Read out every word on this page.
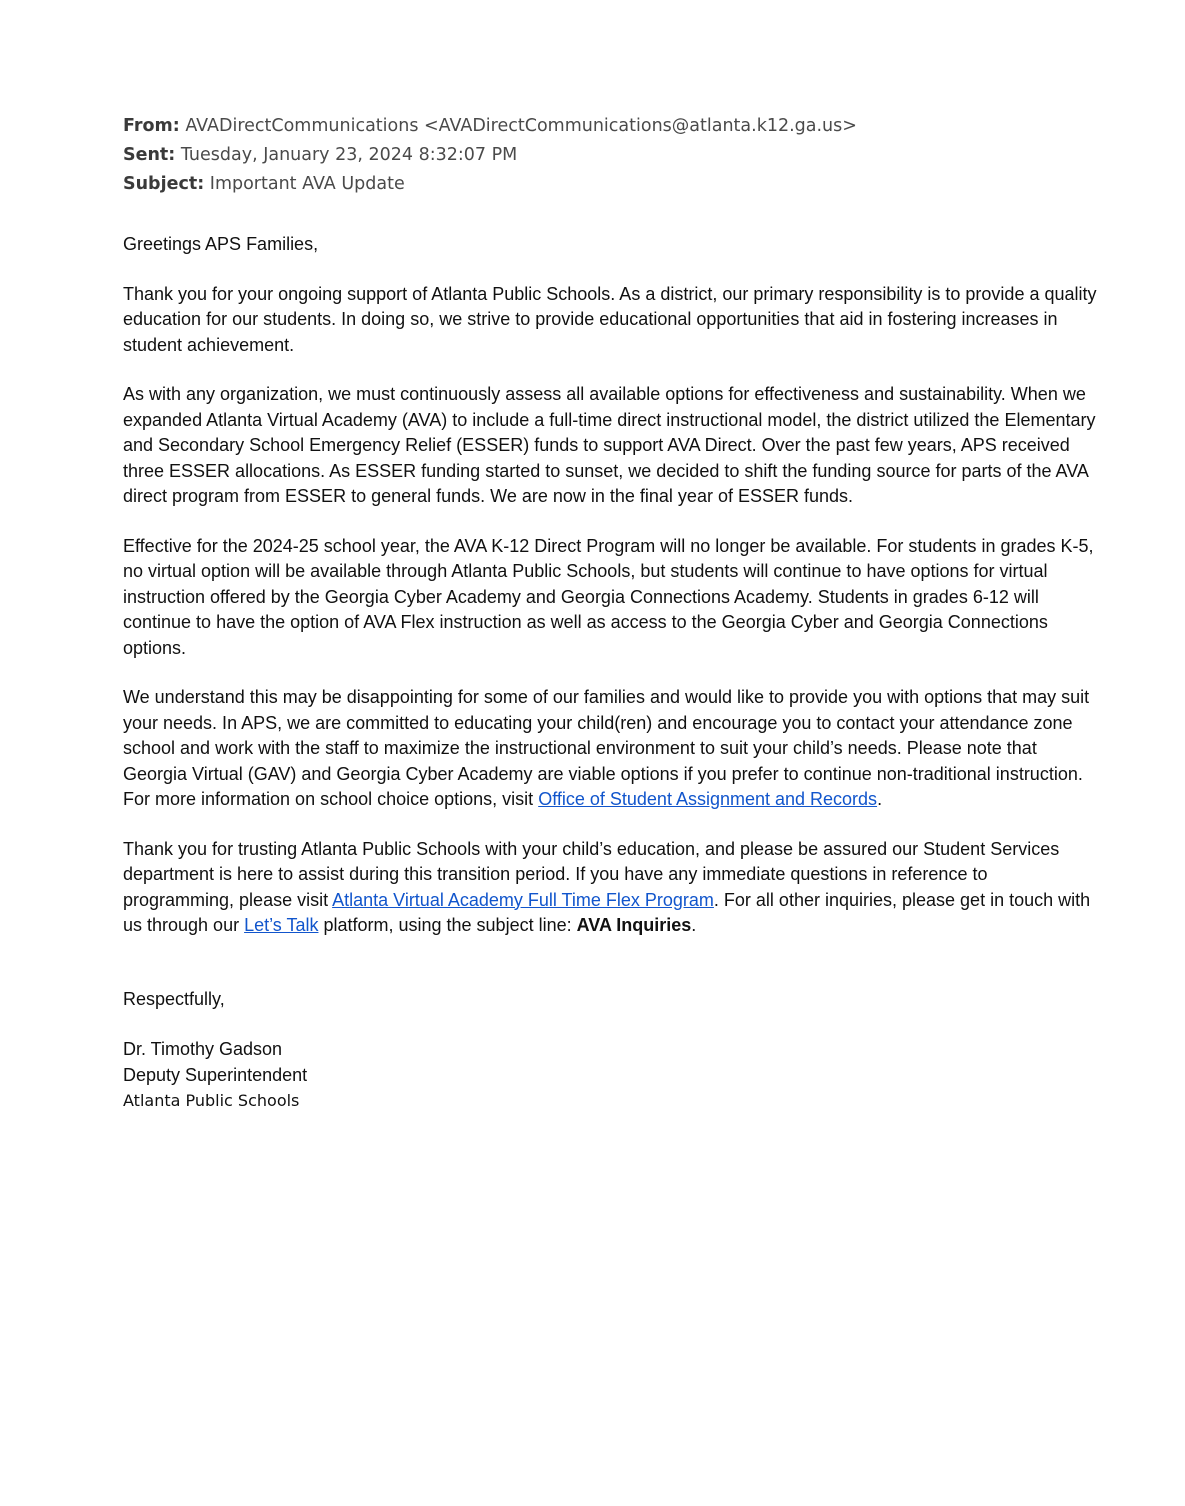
From: AVADirectCommunications <AVADirectCommunications@atlanta.k12.ga.us>
Sent: Tuesday, January 23, 2024 8:32:07 PM
Subject: Important AVA Update
Greetings APS Families,

Thank you for your ongoing support of Atlanta Public Schools. As a district, our primary responsibility is to provide a quality education for our students. In doing so, we strive to provide educational opportunities that aid in fostering increases in student achievement.

As with any organization, we must continuously assess all available options for effectiveness and sustainability. When we expanded Atlanta Virtual Academy (AVA) to include a full-time direct instructional model, the district utilized the Elementary and Secondary School Emergency Relief (ESSER) funds to support AVA Direct. Over the past few years, APS received three ESSER allocations. As ESSER funding started to sunset, we decided to shift the funding source for parts of the AVA direct program from ESSER to general funds. We are now in the final year of ESSER funds.

Effective for the 2024-25 school year, the AVA K-12 Direct Program will no longer be available. For students in grades K-5, no virtual option will be available through Atlanta Public Schools, but students will continue to have options for virtual instruction offered by the Georgia Cyber Academy and Georgia Connections Academy. Students in grades 6-12 will continue to have the option of AVA Flex instruction as well as access to the Georgia Cyber and Georgia Connections options.

We understand this may be disappointing for some of our families and would like to provide you with options that may suit your needs. In APS, we are committed to educating your child(ren) and encourage you to contact your attendance zone school and work with the staff to maximize the instructional environment to suit your child’s needs. Please note that Georgia Virtual (GAV) and Georgia Cyber Academy are viable options if you prefer to continue non-traditional instruction. For more information on school choice options, visit Office of Student Assignment and Records.

Thank you for trusting Atlanta Public Schools with your child’s education, and please be assured our Student Services department is here to assist during this transition period. If you have any immediate questions in reference to programming, please visit Atlanta Virtual Academy Full Time Flex Program. For all other inquiries, please get in touch with us through our Let’s Talk platform, using the subject line: AVA Inquiries.

Respectfully,
Dr. Timothy Gadson
Deputy Superintendent
Atlanta Public Schools
